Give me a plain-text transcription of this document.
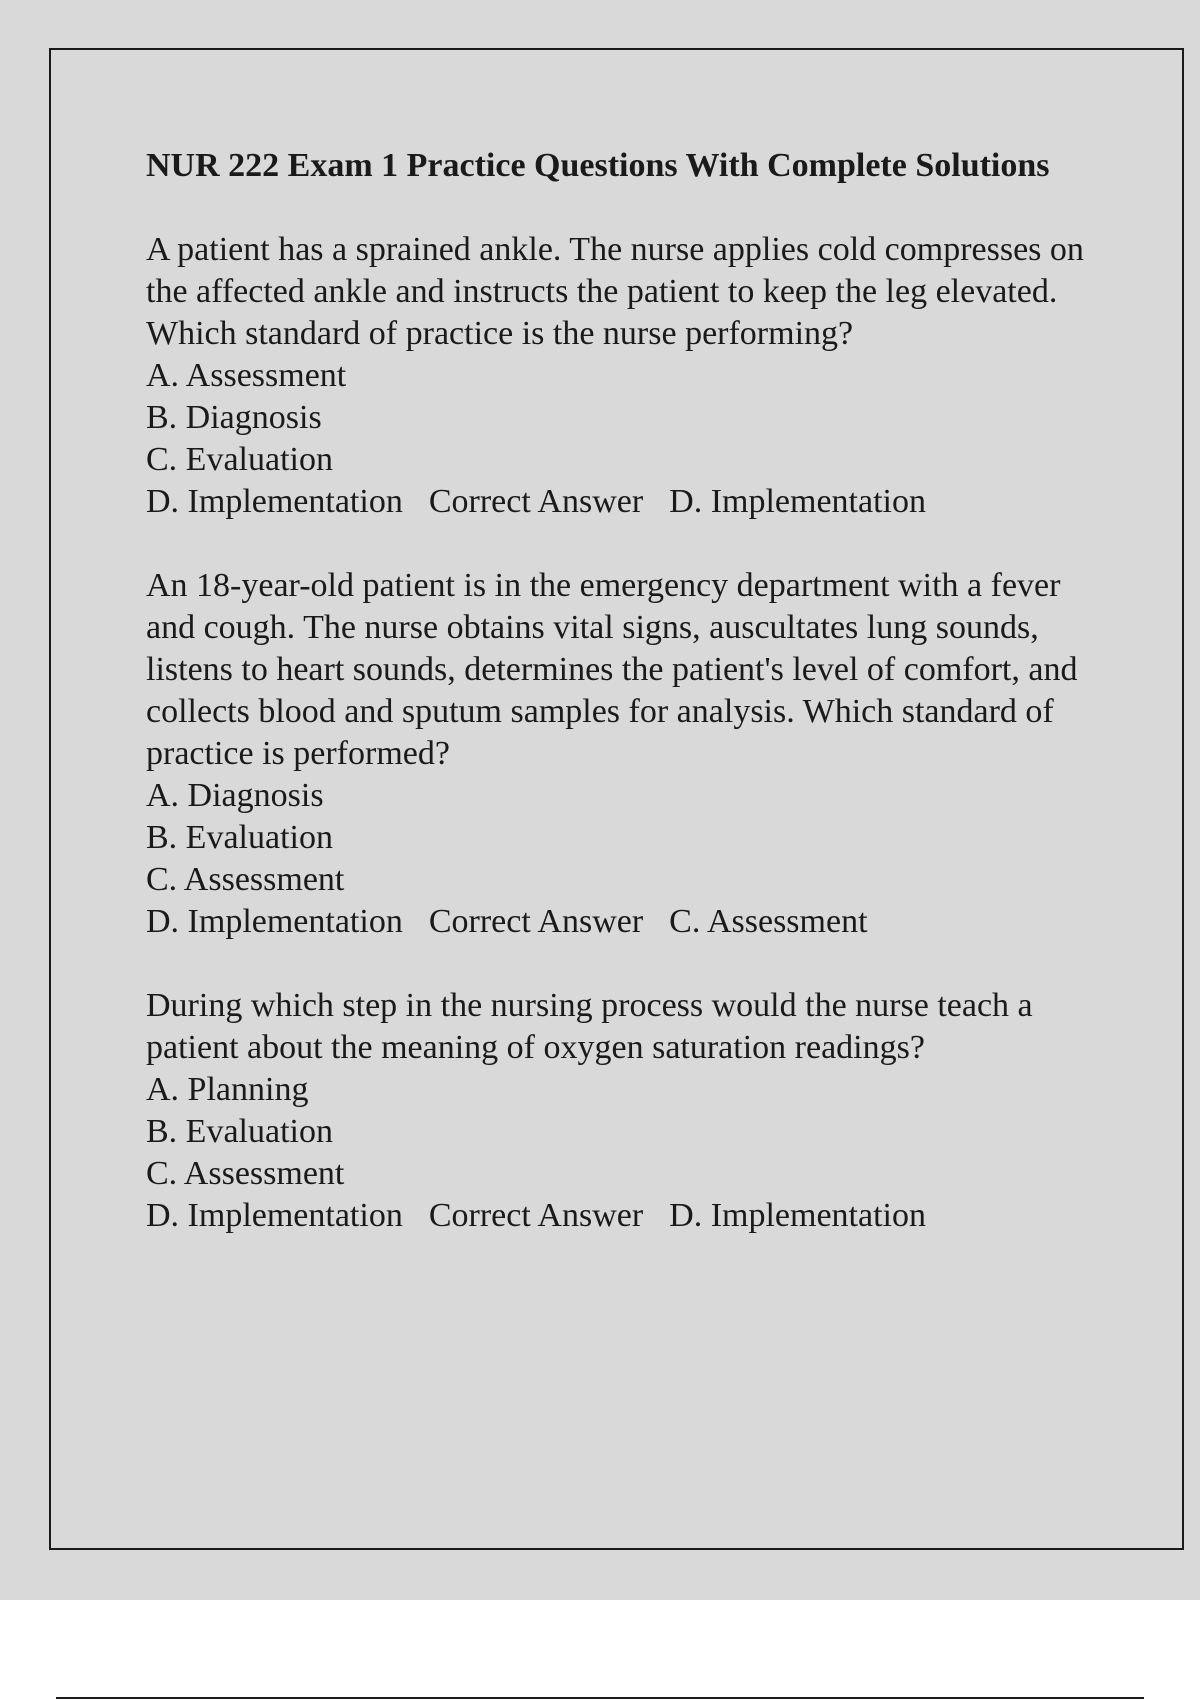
NUR 222 Exam 1 Practice Questions With Complete Solutions
A patient has a sprained ankle. The nurse applies cold compresses on the affected ankle and instructs the patient to keep the leg elevated. Which standard of practice is the nurse performing?
A. Assessment
B. Diagnosis
C. Evaluation
D. Implementation Correct Answer D. Implementation
An 18-year-old patient is in the emergency department with a fever and cough. The nurse obtains vital signs, auscultates lung sounds, listens to heart sounds, determines the patient's level of comfort, and collects blood and sputum samples for analysis. Which standard of practice is performed?
A. Diagnosis
B. Evaluation
C. Assessment
D. Implementation Correct Answer C. Assessment
During which step in the nursing process would the nurse teach a patient about the meaning of oxygen saturation readings?
A. Planning
B. Evaluation
C. Assessment
D. Implementation Correct Answer D. Implementation
